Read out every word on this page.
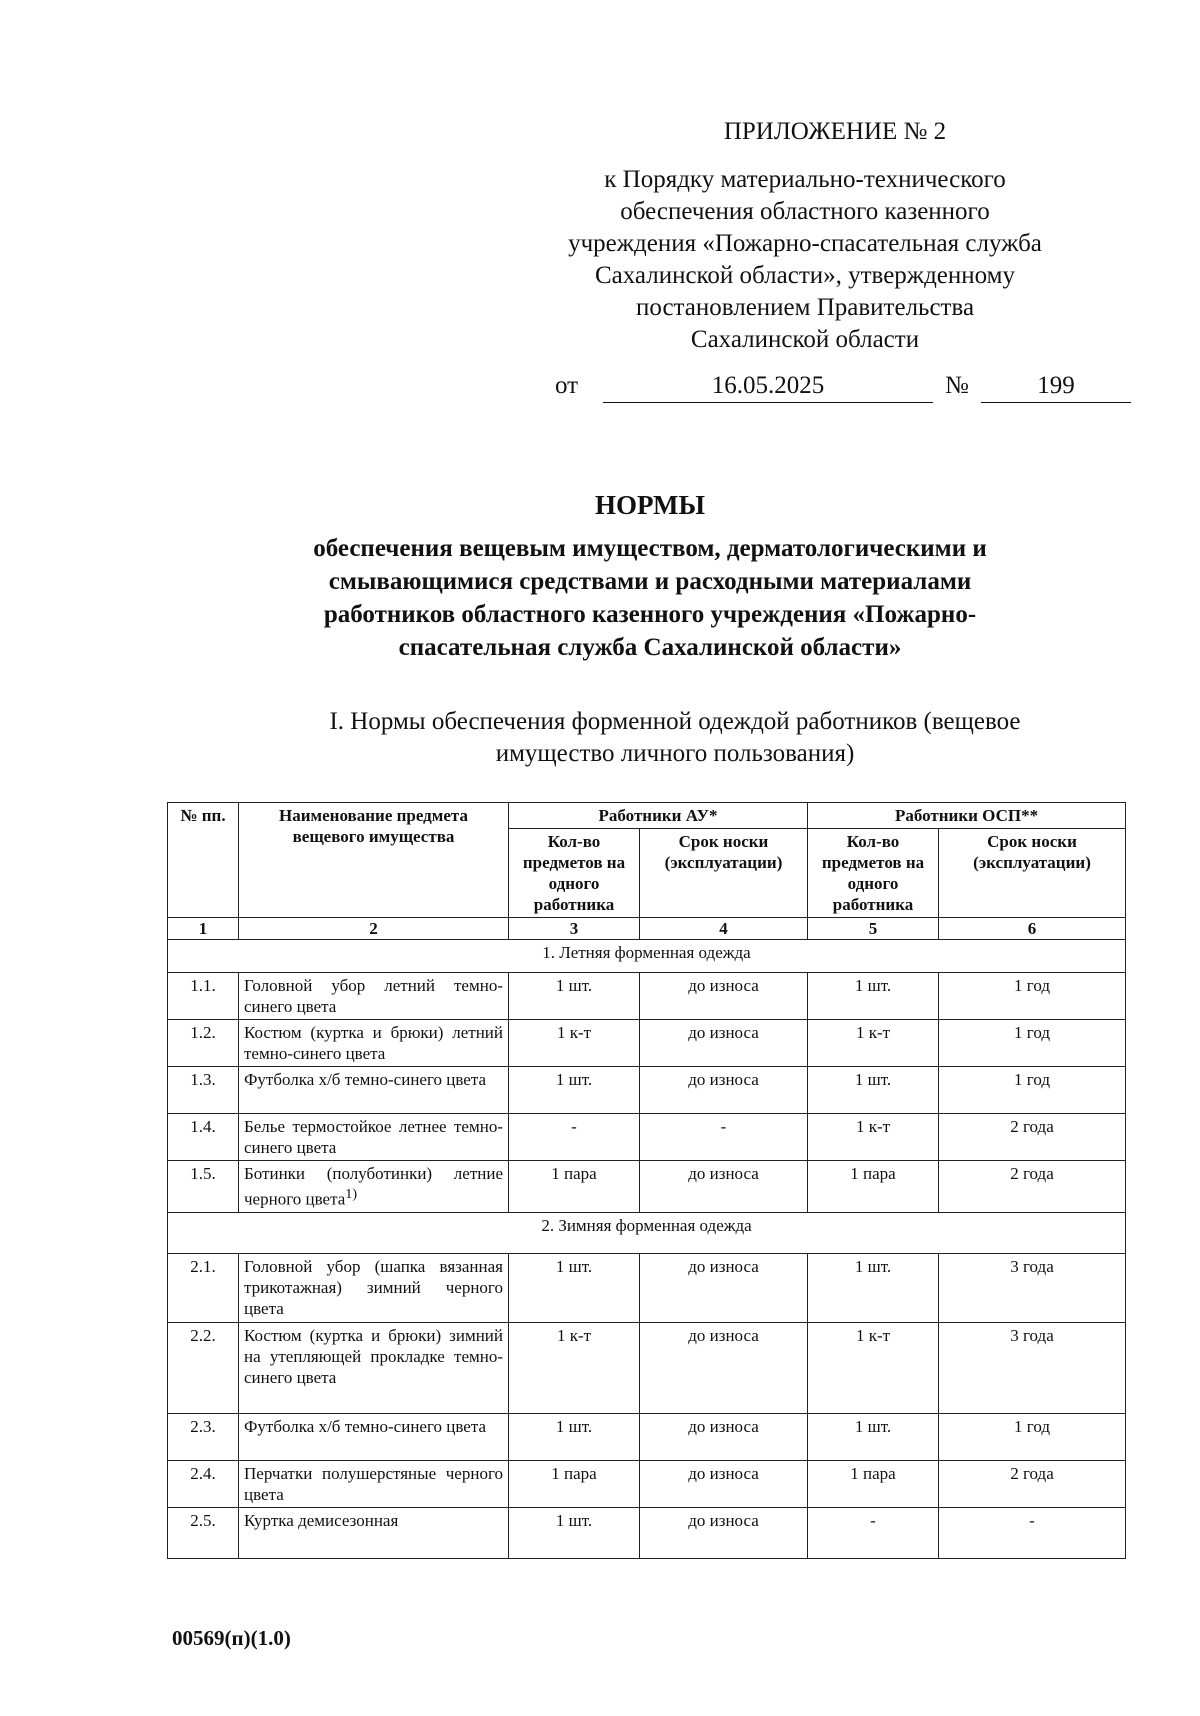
ПРИЛОЖЕНИЕ № 2
к Порядку материально-технического
обеспечения областного казенного
учреждения «Пожарно-спасательная служба
Сахалинской области», утвержденному
постановлением Правительства
Сахалинской области
от	16.05.2025	№	199
НОРМЫ
обеспечения вещевым имуществом, дерматологическими и
смывающимися средствами и расходными материалами
работников областного казенного учреждения «Пожарно-
спасательная служба Сахалинской области»
I. Нормы обеспечения форменной одеждой работников (вещевое
имущество личного пользования)
№ пп.	Наименование предмета вещевого имущества	Работники АУ*		Работники ОСП**	
		Кол-во предметов на одного работника	Срок носки (эксплуатации)	Кол-во предметов на одного работника	Срок носки (эксплуатации)
1	2	3	4	5	6
1. Летняя форменная одежда					
1.1.	Головной убор летний темно-синего цвета	1 шт.	до износа	1 шт.	1 год
1.2.	Костюм (куртка и брюки) летний темно-синего цвета	1 к-т	до износа	1 к-т	1 год
1.3.	Футболка х/б темно-синего цвета	1 шт.	до износа	1 шт.	1 год
1.4.	Белье термостойкое летнее темно-синего цвета	-	-	1 к-т	2 года
1.5.	Ботинки (полуботинки) летние черного цвета$^{1)}$	1 пара	до износа	1 пара	2 года
2. Зимняя форменная одежда					
2.1.	Головной убор (шапка вязанная трикотажная) зимний черного цвета	1 шт.	до износа	1 шт.	3 года
2.2.	Костюм (куртка и брюки) зимний на утепляющей прокладке темно-синего цвета	1 к-т	до износа	1 к-т	3 года
2.3.	Футболка х/б темно-синего цвета	1 шт.	до износа	1 шт.	1 год
2.4.	Перчатки полушерстяные черного цвета	1 пара	до износа	1 пара	2 года
2.5.	Куртка демисезонная	1 шт.	до износа	-	-
00569(п)(1.0)
